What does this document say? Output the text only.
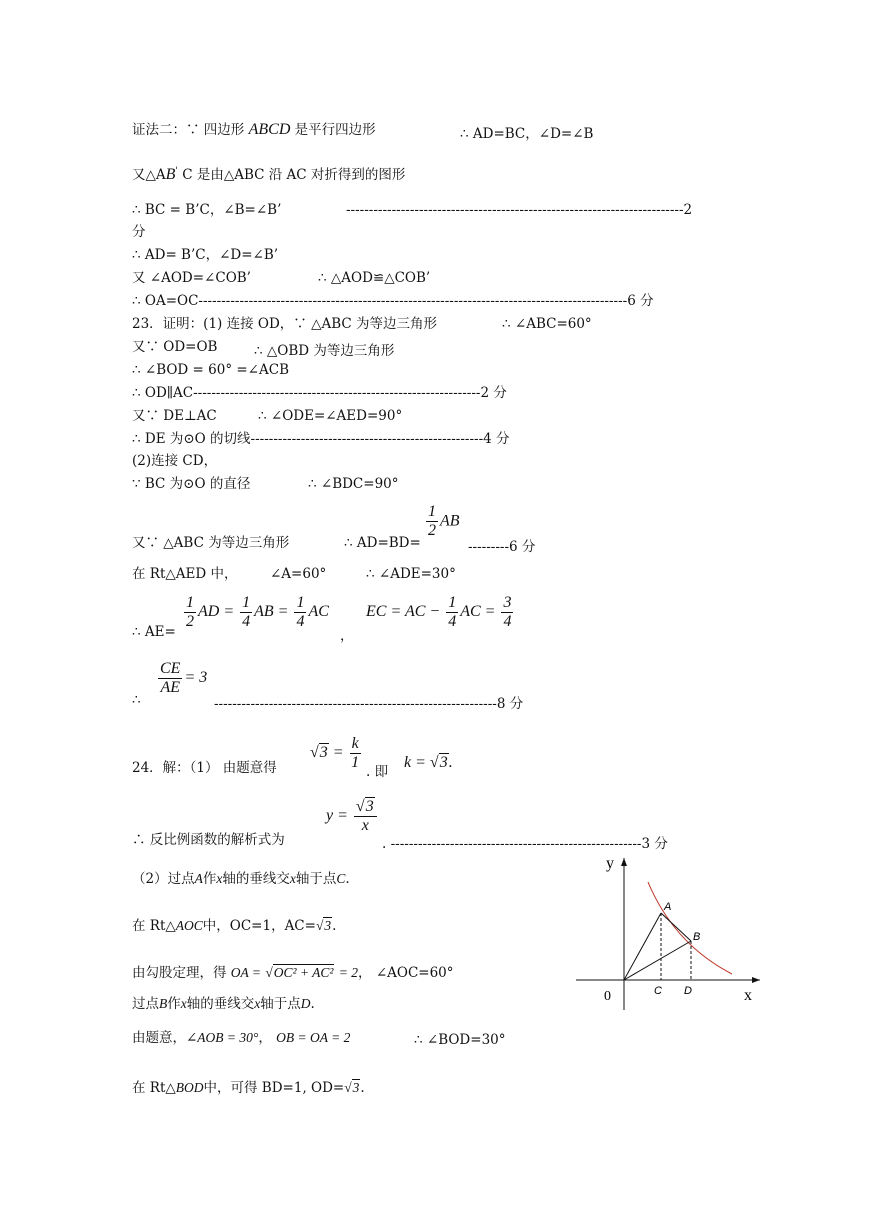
证法二：∵ 四边形 ABCD 是平行四边形	∴ AD=BC，∠D=∠B
又△AB' C 是由△ABC 沿 AC 对折得到的图形
∴ BC = B’C，∠B=∠B’	--------------------------------------------------------------------------2
分
∴ AD= B’C，∠D=∠B’
又 ∠AOD=∠COB’	∴ △AOD≌△COB’
∴ OA=OC----------------------------------------------------------------------------------------------6 分
23．证明：(1) 连接 OD，∵ △ABC 为等边三角形	∴ ∠ABC=60°
又∵ OD=OB	∴ △OBD 为等边三角形
∴ ∠BOD = 60° =∠ACB
∴ OD∥AC---------------------------------------------------------------2 分
又∵ DE⊥AC	∴ ∠ODE=∠AED=90°
∴ DE 为⊙O 的切线---------------------------------------------------4 分
(2)连接 CD，
∵ BC 为⊙O 的直径	∴ ∠BDC=90°
又∵ △ABC 为等边三角形	∴ AD=BD=
$\frac{1}{2}$ AB
---------6 分
在 Rt△AED 中， ∠A=60°	∴ ∠ADE=30°
∴ AE=
$\frac{1}{2}$ AD = $\frac{1}{4}$ AB = $\frac{1}{4}$ AC
，
EC = AC − $\frac{1}{4}$ AC = $\frac{3}{4}$
∴
$\frac{CE}{AE} = 3$
--------------------------------------------------------------8 分
24．解：（1） 由题意得
$√3 = \frac{k}{1}$
. 即
k = √3.
∴ 反比例函数的解析式为
$y = \frac{√3}{x}$
. -------------------------------------------------------3 分
（2）过点A作x轴的垂线交x轴于点C.
在 Rt△AOC中，OC=1，AC=√3.
由勾股定理，得 OA = √OC² + AC² = 2， ∠AOC=60°
过点B作x轴的垂线交x轴于点D.
由题意，∠AOB = 30°， OB = OA = 2	∴ ∠BOD=30°
在 Rt△BOD中，可得 BD=1, OD=√3.
y
x
0
A
B
C D
